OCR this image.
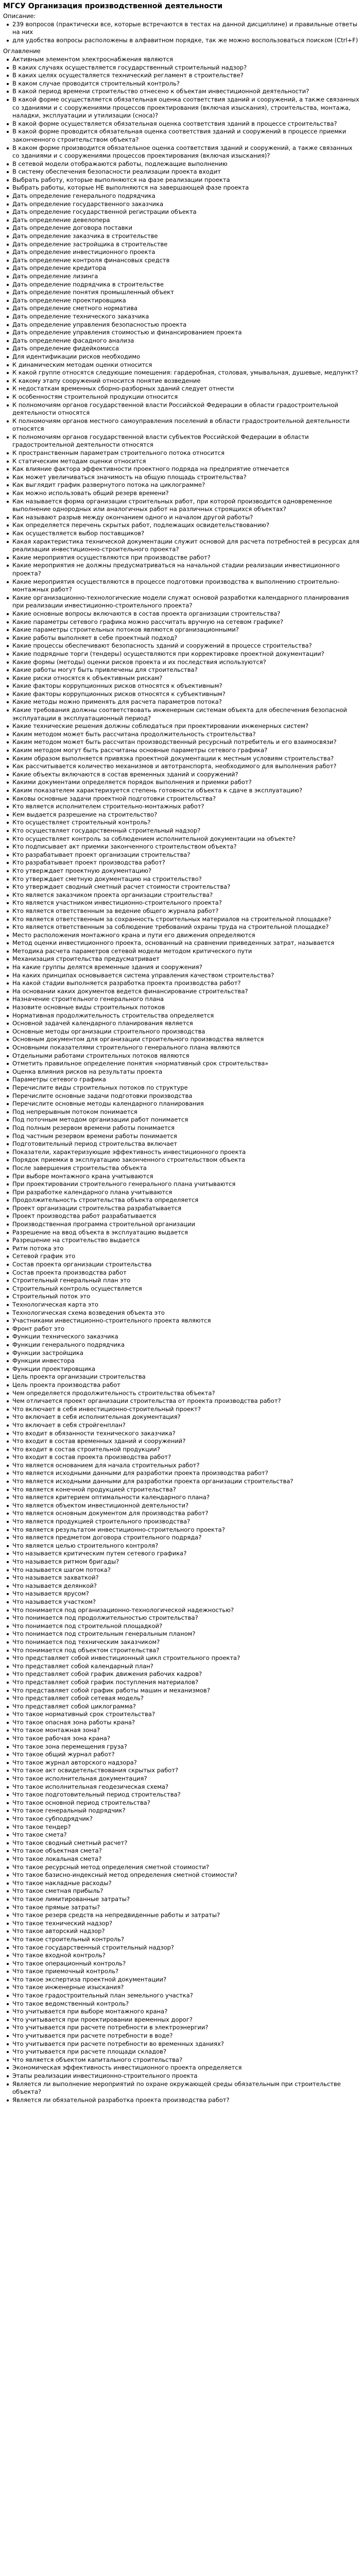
МГСУ Организация производственной деятельности
Описание:
239 вопросов (практически все, которые встречаются в тестах на данной дисциплине) и правильные ответы на них
для удобства вопросы расположены в алфавитном порядке, так же можно воспользоваться поиском (Ctrl+F)
Оглавление
Активным элементом электроснабжения являются
В каких случаях осуществляется государственный строительный надзор?
В каких целях осуществляется технический регламент в строительстве?
В каком случае проводится строительный контроль?
В какой период времени строительство отнесено к объектам инвестиционной деятельности?
В какой форме осуществляется обязательная оценка соответствия зданий и сооружений, а также связанных со зданиями и с сооружениями процессов проектирования (включая изыскания), строительства, монтажа, наладки, эксплуатации и утилизации (сноса)?
В какой форме осуществляется обязательная оценка соответствия зданий в процессе строительства?
В какой форме проводится обязательная оценка соответствия зданий и сооружений в процессе приемки законченного строительством объекта?
В каком форме производится обязательное оценка соответствия зданий и сооружений, а также связанных со зданиями и с сооружениями процессов проектирования (включая изыскания)?
В сетевой модели отображаются работы, подлежащие выполнению
В систему обеспечения безопасности реализации проекта входит
Выбрать работу, которые выполняются на фазе реализации проекта
Выбрать работы, которые НЕ выполняются на завершающей фазе проекта
Дать определение генерального подрядчика
Дать определение государственного заказчика
Дать определение государственной регистрации объекта
Дать определение девелопера
Дать определение договора поставки
Дать определение заказчика в строительстве
Дать определение застройщика в строительстве
Дать определение инвестиционного проекта
Дать определение контроля финансовых средств
Дать определение кредитора
Дать определение лизинга
Дать определение подрядчика в строительстве
Дать определение понятия промышленный объект
Дать определение проектировщика
Дать определение сметного норматива
Дать определение технического заказчика
Дать определение управления безопасностью проекта
Дать определение управления стоимостью и финансированием проекта
Дать определение фасадного анализа
Дать определение фидейкомисса
Для идентификации рисков необходимо
К динамическим методам оценки относится
К какой группе относятся следующие помещения: гардеробная, столовая, умывальная, душевые, медпункт?
К какому этапу сооружений относится понятие возведение
К недостаткам временных сборно-разборных зданий следует отнести
К особенностям строительной продукции относится
К полномочиям органов государственной власти Российской Федерации в области градостроительной деятельности относятся
К полномочиям органов местного самоуправления поселений в области градостроительной деятельности относятся
К полномочиям органов государственной власти субъектов Российской Федерации в области градостроительной деятельности относятся
К пространственным параметрам строительного потока относится
К статическим методам оценки относится
Как влияние фактора эффективности проектного подряда на предприятие отмечается
Как может увеличиваться значимость на общую площадь строительства?
Как выглядит график развернутого потока на циклограмме?
Как можно использовать общий резерв времени?
Как называется форма организации строительных работ, при которой производится одновременное выполнение однородных или аналогичных работ на различных строящихся объектах?
Как называют разрыв между окончанием одного и началом другой работы?
Как определяется перечень скрытых работ, подлежащих освидетельствованию?
Как осуществляется выбор поставщиков?
Какая характеристика технической документации служит основой для расчета потребностей в ресурсах для реализации инвестиционно-строительного проекта?
Какие мероприятия осуществляются при производстве работ?
Какие мероприятия не должны предусматриваться на начальной стадии реализации инвестиционного проекта?
Какие мероприятия осуществляются в процессе подготовки производства к выполнению строительно-монтажных работ?
Какие организационно-технологические модели служат основой разработки календарного планирования при реализации инвестиционно-строительного проекта?
Какие основные вопросы включаются в состав проекта организации строительства?
Какие параметры сетевого графика можно рассчитать вручную на сетевом графике?
Какие параметры строительных потоков являются организационными?
Какие работы выполняет в себе проектный подход?
Какие процессы обеспечивают безопасность зданий и сооружений в процессе строительства?
Какие подрядные торги (тендеры) осуществляются при корректировке проектной документации?
Какие формы (методы) оценки рисков проекта и их последствия используются?
Какие работы могут быть привлечены для строительства?
Какие риски относятся к объективным рискам?
Какие факторы коррупционных рисков относятся к объективным?
Какие факторы коррупционных рисков относятся к субъективным?
Какие методы можно применять для расчета параметров потока?
Какие требования должны соответствовать инженерным системам объекта для обеспечения безопасной эксплуатации в эксплуатационный период?
Какие технические решения должны соблюдаться при проектировании инженерных систем?
Каким методом может быть рассчитана продолжительность строительства?
Каким методом может быть рассчитан производственный ресурсный потребитель и его взаимосвязи?
Каким методом могут быть рассчитаны основные параметры сетевого графика?
Каким образом выполняется привязка проектной документации к местным условиям строительства?
Как рассчитывается количество механизмов и автотранспорта, необходимого для выполнения работ?
Какие объекты включаются в состав временных зданий и сооружений?
Какими документами определяется порядок выполнения и приемки работ?
Каким показателем характеризуется степень готовности объекта к сдаче в эксплуатацию?
Каковы основные задачи проектной подготовки строительства?
Кто является исполнителем строительно-монтажных работ?
Кем выдается разрешение на строительство?
Кто осуществляет строительный контроль?
Кто осуществляет государственный строительный надзор?
Кто осуществляет контроль за соблюдением исполнительной документации на объекте?
Кто подписывает акт приемки законченного строительством объекта?
Кто разрабатывает проект организации строительства?
Кто разрабатывает проект производства работ?
Кто утверждает проектную документацию?
Кто утверждает сметную документацию на строительство?
Кто утверждает сводный сметный расчет стоимости строительства?
Кто является заказчиком проекта организации строительства?
Кто является участником инвестиционно-строительного проекта?
Кто является ответственным за ведение общего журнала работ?
Кто является ответственным за сохранность строительных материалов на строительной площадке?
Кто является ответственным за соблюдение требований охраны труда на строительной площадке?
Место расположения монтажного крана и пути его движения определяются
Метод оценки инвестиционного проекта, основанный на сравнении приведенных затрат, называется
Методика расчета параметров сетевой модели методом критического пути
Механизация строительства предусматривает
На какие группы делятся временные здания и сооружения?
На каких принципах основывается система управления качеством строительства?
На какой стадии выполняется разработка проекта производства работ?
На основании каких документов ведется финансирование строительства?
Назначение строительного генерального плана
Назовите основные виды строительных потоков
Нормативная продолжительность строительства определяется
Основной задачей календарного планирования является
Основные методы организации строительного производства
Основным документом для организации строительного производства является
Основными показателями строительного генерального плана являются
Отдельными работами строительных потоков являются
Отметить правильное определение понятия «нормативный срок строительства»
Оценка влияния рисков на результаты проекта
Параметры сетевого графика
Перечислите виды строительных потоков по структуре
Перечислите основные задачи подготовки производства
Перечислите основные методы календарного планирования
Под непрерывным потоком понимается
Под поточным методом организации работ понимается
Под полным резервом времени работы понимается
Под частным резервом времени работы понимается
Подготовительный период строительства включает
Показатели, характеризующие эффективность инвестиционного проекта
Порядок приемки в эксплуатацию законченного строительством объекта
После завершения строительства объекта
При выборе монтажного крана учитываются
При проектировании строительного генерального плана учитываются
При разработке календарного плана учитываются
Продолжительность строительства объекта определяется
Проект организации строительства разрабатывается
Проект производства работ разрабатывается
Производственная программа строительной организации
Разрешение на ввод объекта в эксплуатацию выдается
Разрешение на строительство выдается
Ритм потока это
Сетевой график это
Состав проекта организации строительства
Состав проекта производства работ
Строительный генеральный план это
Строительный контроль осуществляется
Строительный поток это
Технологическая карта это
Технологическая схема возведения объекта это
Участниками инвестиционно-строительного проекта являются
Фронт работ это
Функции технического заказчика
Функции генерального подрядчика
Функции застройщика
Функции инвестора
Функции проектировщика
Цель проекта организации строительства
Цель проекта производства работ
Чем определяется продолжительность строительства объекта?
Чем отличается проект организации строительства от проекта производства работ?
Что включает в себя инвестиционно-строительный проект?
Что включает в себя исполнительная документация?
Что включает в себя стройгенплан?
Что входит в обязанности технического заказчика?
Что входит в состав временных зданий и сооружений?
Что входит в состав строительной продукции?
Что входит в состав проекта производства работ?
Что является основанием для начала строительных работ?
Что является исходными данными для разработки проекта производства работ?
Что является исходными данными для разработки проекта организации строительства?
Что является конечной продукцией строительства?
Что является критерием оптимальности календарного плана?
Что является объектом инвестиционной деятельности?
Что является основным документом для производства работ?
Что является продукцией строительного производства?
Что является результатом инвестиционно-строительного проекта?
Что является предметом договора строительного подряда?
Что является целью строительного контроля?
Что называется критическим путем сетевого графика?
Что называется ритмом бригады?
Что называется шагом потока?
Что называется захваткой?
Что называется делянкой?
Что называется ярусом?
Что называется участком?
Что понимается под организационно-технологической надежностью?
Что понимается под продолжительностью строительства?
Что понимается под строительной площадкой?
Что понимается под строительным генеральным планом?
Что понимается под техническим заказчиком?
Что понимается под объектом строительства?
Что представляет собой инвестиционный цикл строительного проекта?
Что представляет собой календарный план?
Что представляет собой график движения рабочих кадров?
Что представляет собой график поступления материалов?
Что представляет собой график работы машин и механизмов?
Что представляет собой сетевая модель?
Что представляет собой циклограмма?
Что такое нормативный срок строительства?
Что такое опасная зона работы крана?
Что такое монтажная зона?
Что такое рабочая зона крана?
Что такое зона перемещения груза?
Что такое общий журнал работ?
Что такое журнал авторского надзора?
Что такое акт освидетельствования скрытых работ?
Что такое исполнительная документация?
Что такое исполнительная геодезическая схема?
Что такое подготовительный период строительства?
Что такое основной период строительства?
Что такое генеральный подрядчик?
Что такое субподрядчик?
Что такое тендер?
Что такое смета?
Что такое сводный сметный расчет?
Что такое объектная смета?
Что такое локальная смета?
Что такое ресурсный метод определения сметной стоимости?
Что такое базисно-индексный метод определения сметной стоимости?
Что такое накладные расходы?
Что такое сметная прибыль?
Что такое лимитированные затраты?
Что такое прямые затраты?
Что такое резерв средств на непредвиденные работы и затраты?
Что такое технический надзор?
Что такое авторский надзор?
Что такое строительный контроль?
Что такое государственный строительный надзор?
Что такое входной контроль?
Что такое операционный контроль?
Что такое приемочный контроль?
Что такое экспертиза проектной документации?
Что такое инженерные изыскания?
Что такое градостроительный план земельного участка?
Что такое ведомственный контроль?
Что учитывается при выборе монтажного крана?
Что учитывается при проектировании временных дорог?
Что учитывается при расчете потребности в электроэнергии?
Что учитывается при расчете потребности в воде?
Что учитывается при расчете потребности во временных зданиях?
Что учитывается при расчете площади складов?
Что является объектом капитального строительства?
Экономическая эффективность инвестиционного проекта определяется
Этапы реализации инвестиционно-строительного проекта
Является ли выполнение мероприятий по охране окружающей среды обязательным при строительстве объекта?
Является ли обязательной разработка проекта производства работ?
